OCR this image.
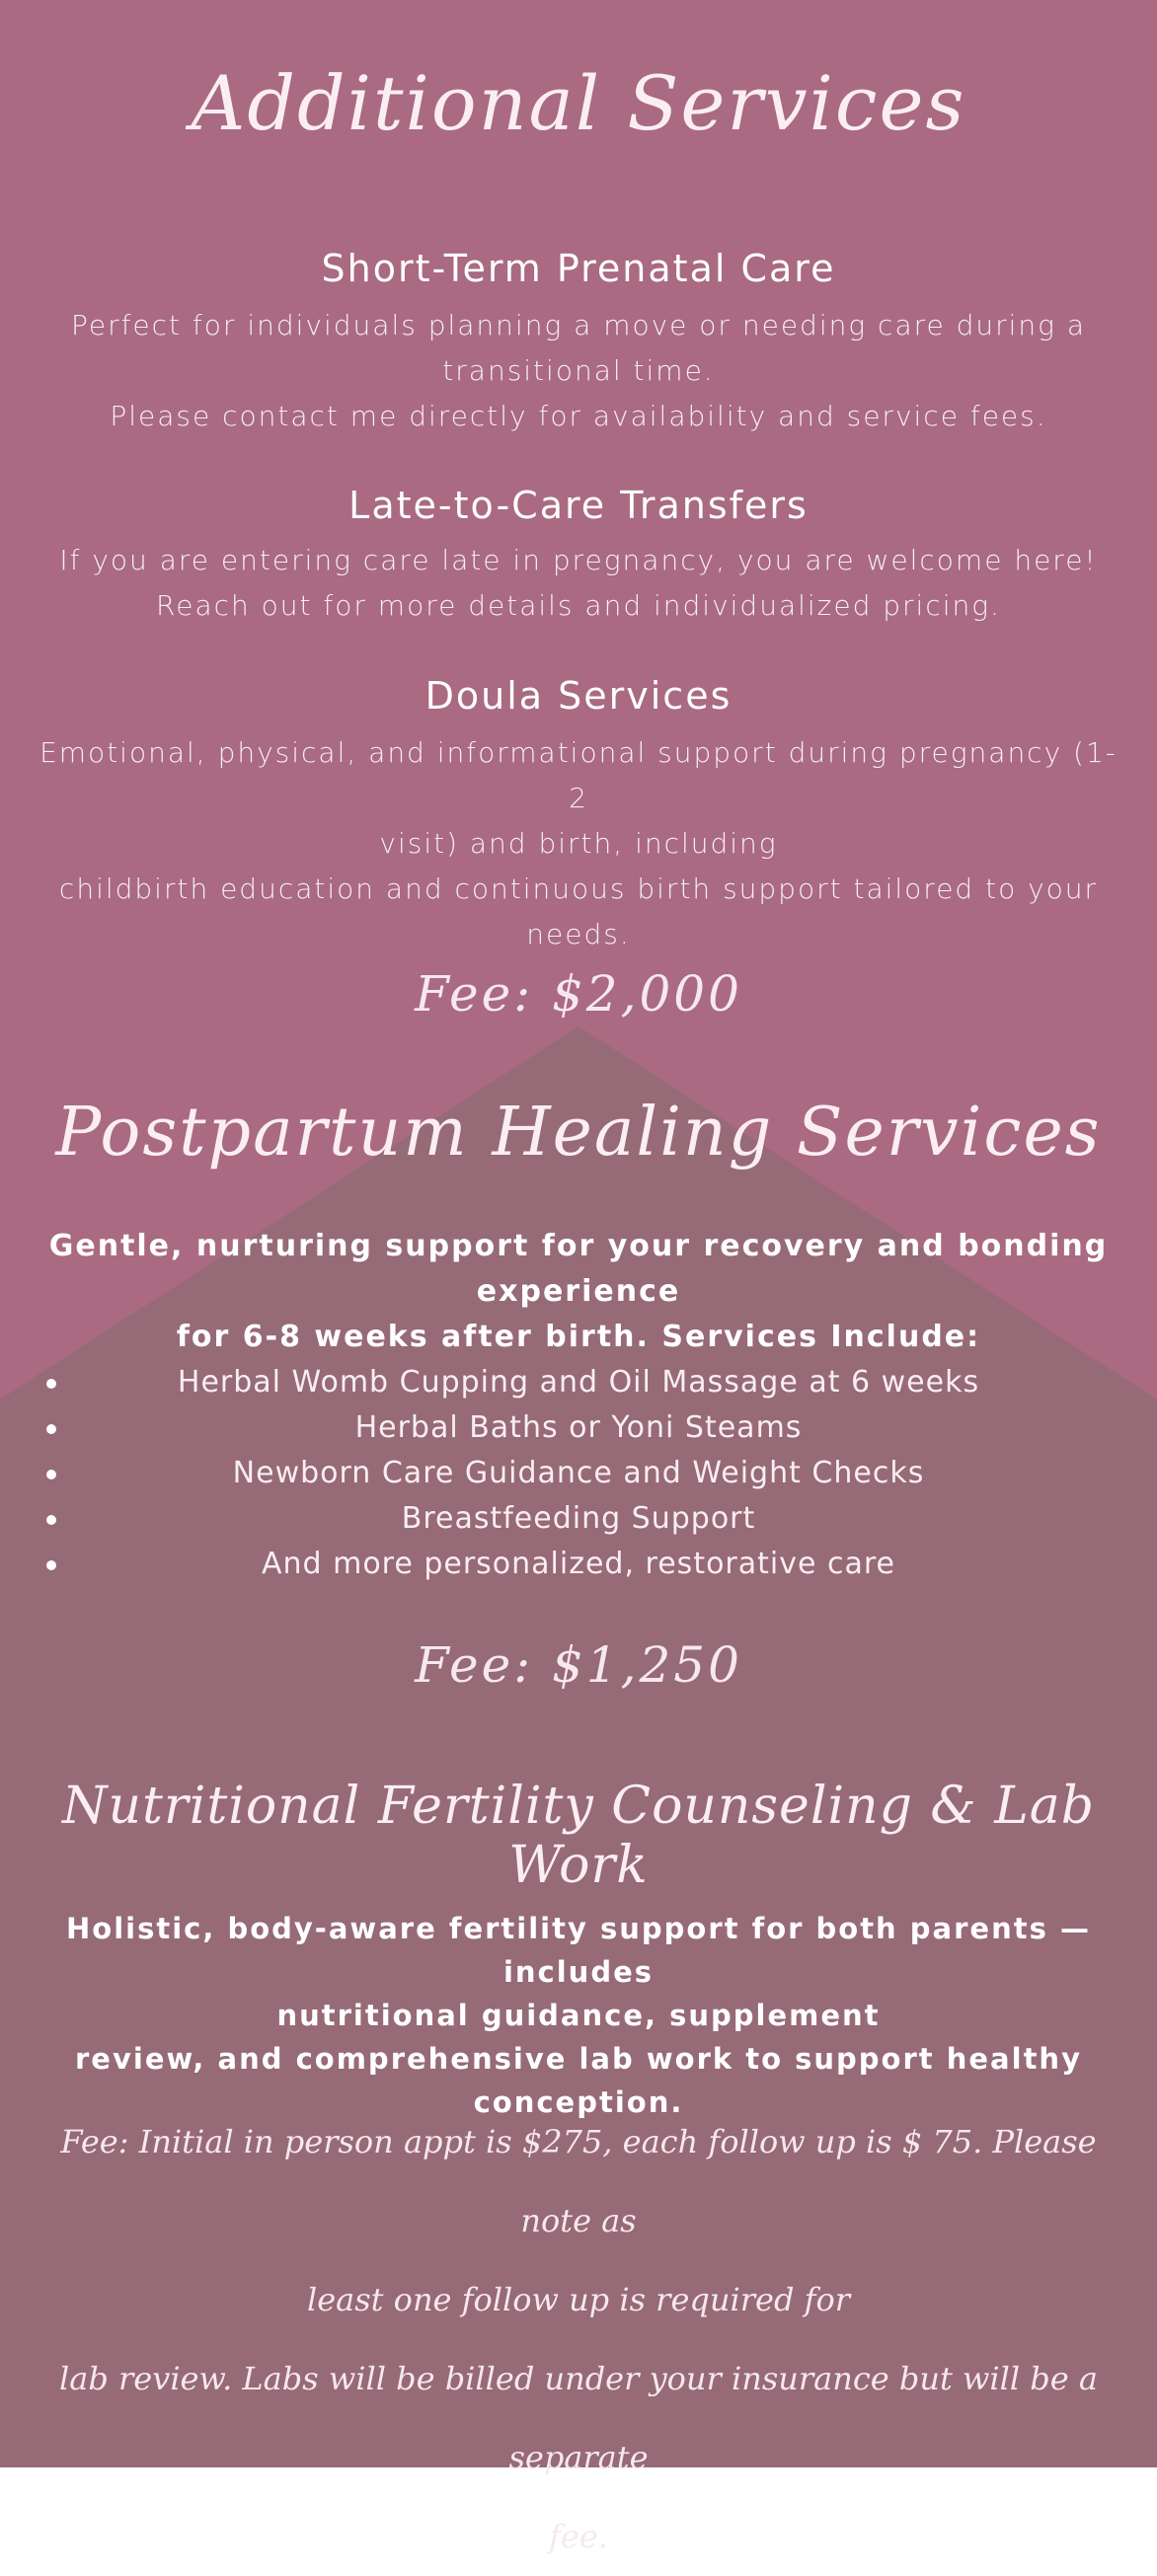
Additional Services
Short-Term Prenatal Care
Perfect for individuals planning a move or needing care during a
transitional time.
Please contact me directly for availability and service fees.
Late-to-Care Transfers
If you are entering care late in pregnancy, you are welcome here!
Reach out for more details and individualized pricing.
Doula Services
Emotional, physical, and informational support during pregnancy (1-2
visit) and birth, including
childbirth education and continuous birth support tailored to your
needs.
Fee: $2,000
Postpartum Healing Services
Gentle, nurturing support for your recovery and bonding experience
for 6-8 weeks after birth. Services Include:
Herbal Womb Cupping and Oil Massage at 6 weeks
Herbal Baths or Yoni Steams
Newborn Care Guidance and Weight Checks
Breastfeeding Support
And more personalized, restorative care
Fee: $1,250
Nutritional Fertility Counseling & Lab Work
Holistic, body-aware fertility support for both parents — includes
nutritional guidance, supplement
review, and comprehensive lab work to support healthy conception.
Fee: Initial in person appt is $275, each follow up is $ 75. Please note as
least one follow up is required for
lab review. Labs will be billed under your insurance but will be a separate
fee.
